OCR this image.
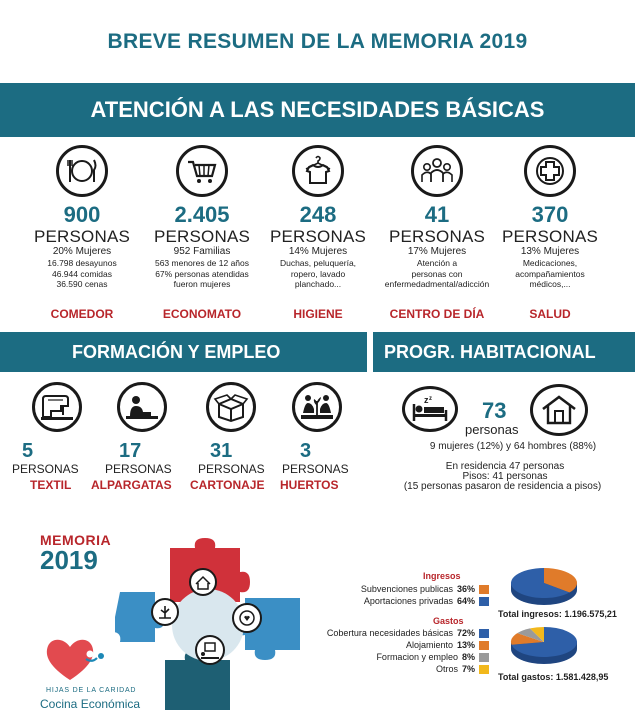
BREVE RESUMEN DE LA MEMORIA 2019
ATENCIÓN A LAS NECESIDADES BÁSICAS
900
PERSONAS
20% Mujeres
16.798 desayunos
46.944 comidas
36.590 cenas
COMEDOR
2.405
PERSONAS
952 Familias
563 menores de 12 años
67% personas atendidas
fueron mujeres
ECONOMATO
248
PERSONAS
14% Mujeres
Duchas, peluquería,
ropero, lavado
planchado...
HIGIENE
41
PERSONAS
17% Mujeres
Atención a
personas con
enfermedadmental/adicción
CENTRO DE DÍA
370
PERSONAS
13% Mujeres
Medicaciones,
acompañamientos
médicos,...
SALUD
FORMACIÓN Y EMPLEO	PROGR. HABITACIONAL
5
PERSONAS
TEXTIL
17
PERSONAS
ALPARGATAS
31
PERSONAS
CARTONAJE
3
PERSONAS
HUERTOS
z z 73
personas
9 mujeres (12%) y 64 hombres (88%)
En residencia 47 personas
Pisos: 41 personas
(15 personas pasaron de residencia a pisos)
MEMORIA
2019
HIJAS DE LA CARIDAD
Cocina Económica
Ingresos
Subvenciones publicas 36%
Aportaciones privadas 64%
Total ingresos: 1.196.575,21
Gastos
Cobertura necesidades básicas 72%
Alojamiento 13%
Formacion y empleo 8%
Otros 7%
Total gastos: 1.581.428,95
